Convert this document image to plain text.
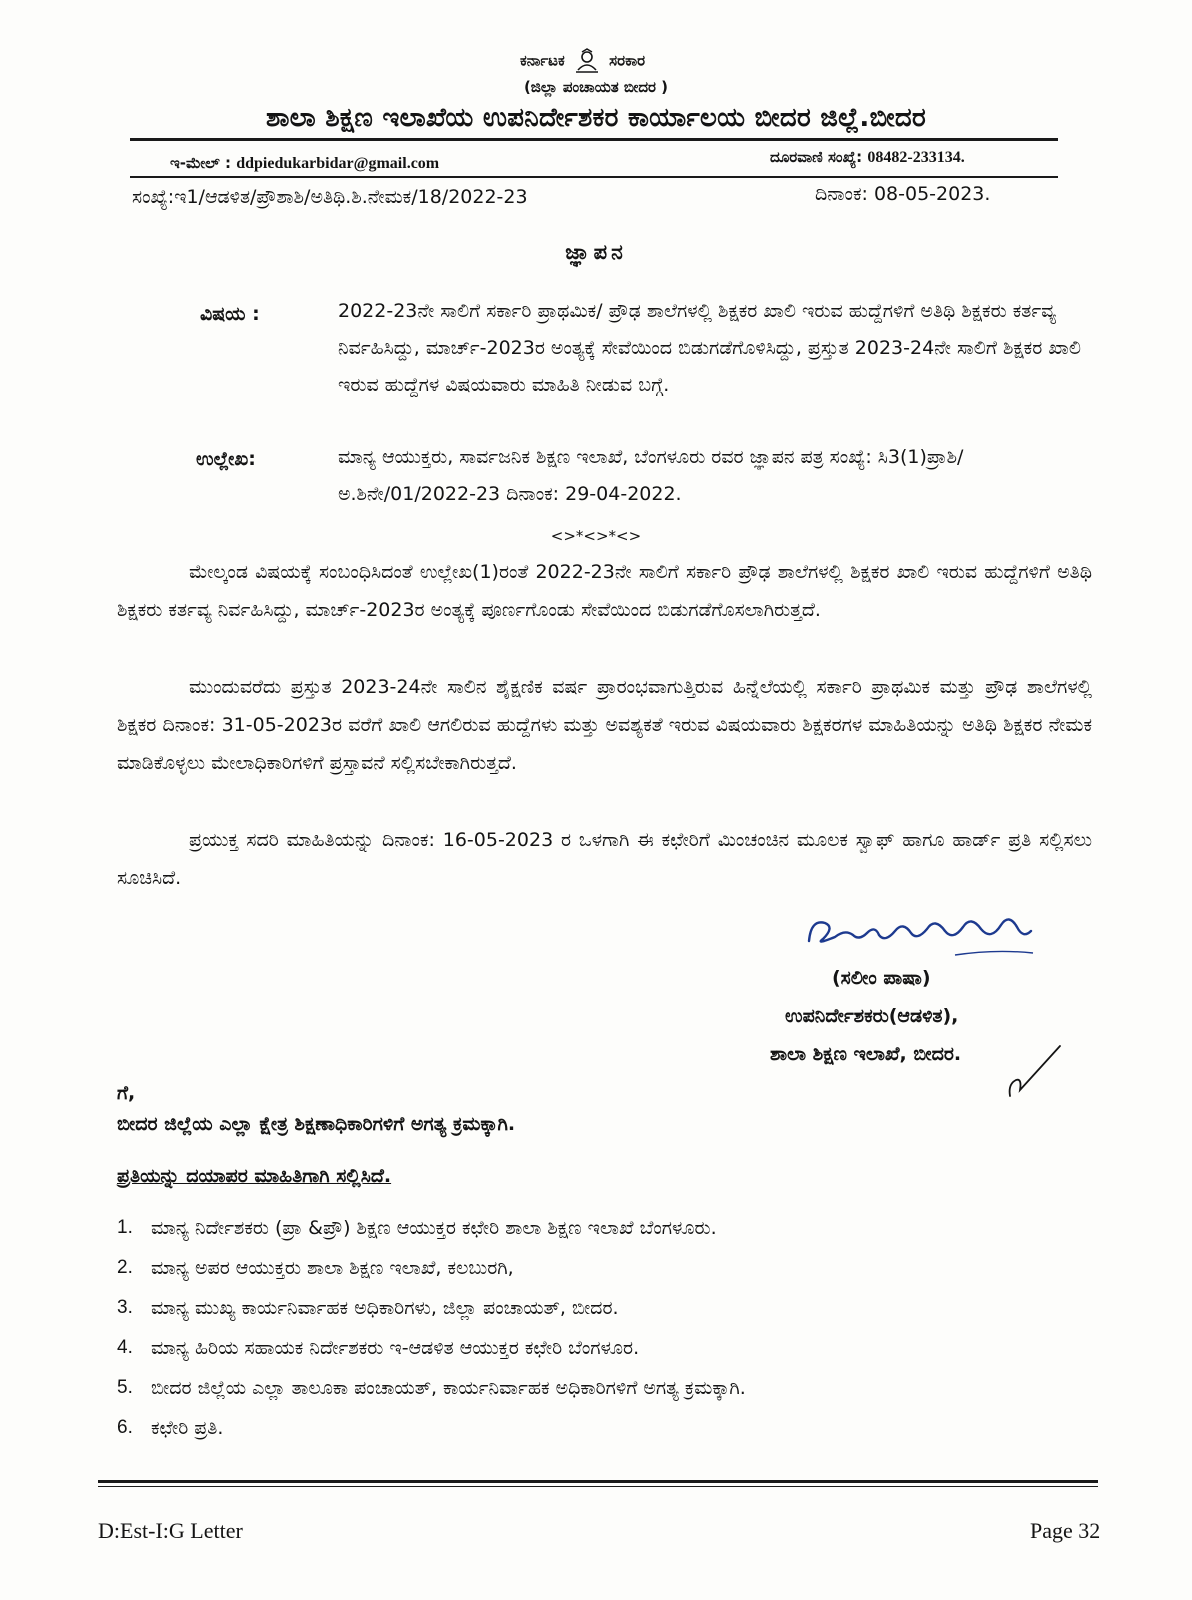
ಕರ್ನಾಟಕ	ಸರಕಾರ
(ಜಿಲ್ಲಾ ಪಂಚಾಯತ ಬೀದರ )
ಶಾಲಾ ಶಿಕ್ಷಣ ಇಲಾಖೆಯ ಉಪನಿರ್ದೇಶಕರ ಕಾರ್ಯಾಲಯ ಬೀದರ ಜಿಲ್ಲೆ.ಬೀದರ
ಇ-ಮೇಲ್ : ddpiedukarbidar@gmail.com	ದೂರವಾಣಿ ಸಂಖ್ಯೆ: 08482-233134.
ಸಂಖ್ಯೆ:ಇ1/ಆಡಳಿತ/ಪ್ರೌಶಾಶಿ/ಅತಿಥಿ.ಶಿ.ನೇಮಕ/18/2022-23	ದಿನಾಂಕ: 08-05-2023.
ಜ್ಞಾಪನ
ವಿಷಯ :	2022-23ನೇ ಸಾಲಿಗೆ ಸರ್ಕಾರಿ ಪ್ರಾಥಮಿಕ/ ಪ್ರೌಢ ಶಾಲೆಗಳಲ್ಲಿ ಶಿಕ್ಷಕರ ಖಾಲಿ ಇರುವ ಹುದ್ದೆಗಳಿಗೆ ಅತಿಥಿ ಶಿಕ್ಷಕರು ಕರ್ತವ್ಯ ನಿರ್ವಹಿಸಿದ್ದು, ಮಾರ್ಚ್-2023ರ ಅಂತ್ಯಕ್ಕೆ ಸೇವೆಯಿಂದ ಬಿಡುಗಡೆಗೊಳಿಸಿದ್ದು, ಪ್ರಸ್ತುತ 2023-24ನೇ ಸಾಲಿಗೆ ಶಿಕ್ಷಕರ ಖಾಲಿ ಇರುವ ಹುದ್ದೆಗಳ ವಿಷಯವಾರು ಮಾಹಿತಿ ನೀಡುವ ಬಗ್ಗೆ.
ಉಲ್ಲೇಖ:	ಮಾನ್ಯ ಆಯುಕ್ತರು, ಸಾರ್ವಜನಿಕ ಶಿಕ್ಷಣ ಇಲಾಖೆ, ಬೆಂಗಳೂರು ರವರ ಜ್ಞಾಪನ ಪತ್ರ ಸಂಖ್ಯೆ: ಸಿ3(1)ಪ್ರಾಶಿ/ಅ.ಶಿನೇ/01/2022-23 ದಿನಾಂಕ: 29-04-2022.
<>*<>*<>
ಮೇಲ್ಕಂಡ ವಿಷಯಕ್ಕೆ ಸಂಬಂಧಿಸಿದಂತೆ ಉಲ್ಲೇಖ(1)ರಂತೆ 2022-23ನೇ ಸಾಲಿಗೆ ಸರ್ಕಾರಿ ಪ್ರೌಢ ಶಾಲೆಗಳಲ್ಲಿ ಶಿಕ್ಷಕರ ಖಾಲಿ ಇರುವ ಹುದ್ದೆಗಳಿಗೆ ಅತಿಥಿ ಶಿಕ್ಷಕರು ಕರ್ತವ್ಯ ನಿರ್ವಹಿಸಿದ್ದು, ಮಾರ್ಚ್-2023ರ ಅಂತ್ಯಕ್ಕೆ ಪೂರ್ಣಗೊಂಡು ಸೇವೆಯಿಂದ ಬಿಡುಗಡೆಗೊಸಲಾಗಿರುತ್ತದೆ.
ಮುಂದುವರೆದು ಪ್ರಸ್ತುತ 2023-24ನೇ ಸಾಲಿನ ಶೈಕ್ಷಣಿಕ ವರ್ಷ ಪ್ರಾರಂಭವಾಗುತ್ತಿರುವ ಹಿನ್ನೆಲೆಯಲ್ಲಿ ಸರ್ಕಾರಿ ಪ್ರಾಥಮಿಕ ಮತ್ತು ಪ್ರೌಢ ಶಾಲೆಗಳಲ್ಲಿ ಶಿಕ್ಷಕರ ದಿನಾಂಕ: 31-05-2023ರ ವರೆಗೆ ಖಾಲಿ ಆಗಲಿರುವ ಹುದ್ದೆಗಳು ಮತ್ತು ಅವಶ್ಯಕತೆ ಇರುವ ವಿಷಯವಾರು ಶಿಕ್ಷಕರಗಳ ಮಾಹಿತಿಯನ್ನು ಅತಿಥಿ ಶಿಕ್ಷಕರ ನೇಮಕ ಮಾಡಿಕೊಳ್ಳಲು ಮೇಲಾಧಿಕಾರಿಗಳಿಗೆ ಪ್ರಸ್ತಾವನೆ ಸಲ್ಲಿಸಬೇಕಾಗಿರುತ್ತದೆ.
ಪ್ರಯುಕ್ತ ಸದರಿ ಮಾಹಿತಿಯನ್ನು ದಿನಾಂಕ: 16-05-2023 ರ ಒಳಗಾಗಿ ಈ ಕಛೇರಿಗೆ ಮಿಂಚಂಚಿನ ಮೂಲಕ ಸ್ವಾಫ್ ಹಾಗೂ ಹಾರ್ಡ್ ಪ್ರತಿ ಸಲ್ಲಿಸಲು ಸೂಚಿಸಿದೆ.
(ಸಲೀಂ ಪಾಷಾ)
ಉಪನಿರ್ದೇಶಕರು(ಆಡಳಿತ),
ಶಾಲಾ ಶಿಕ್ಷಣ ಇಲಾಖೆ, ಬೀದರ.
ಗೆ,
ಬೀದರ ಜಿಲ್ಲೆಯ ಎಲ್ಲಾ ಕ್ಷೇತ್ರ ಶಿಕ್ಷಣಾಧಿಕಾರಿಗಳಿಗೆ ಅಗತ್ಯ ಕ್ರಮಕ್ಕಾಗಿ.
ಪ್ರತಿಯನ್ನು ದಯಾಪರ ಮಾಹಿತಿಗಾಗಿ ಸಲ್ಲಿಸಿದೆ.
1. ಮಾನ್ಯ ನಿರ್ದೇಶಕರು (ಪ್ರಾ &ಪ್ರೌ) ಶಿಕ್ಷಣ ಆಯುಕ್ತರ ಕಛೇರಿ ಶಾಲಾ ಶಿಕ್ಷಣ ಇಲಾಖೆ ಬೆಂಗಳೂರು.
2. ಮಾನ್ಯ ಅಪರ ಆಯುಕ್ತರು ಶಾಲಾ ಶಿಕ್ಷಣ ಇಲಾಖೆ, ಕಲಬುರಗಿ,
3. ಮಾನ್ಯ ಮುಖ್ಯ ಕಾರ್ಯನಿರ್ವಾಹಕ ಅಧಿಕಾರಿಗಳು, ಜಿಲ್ಲಾ ಪಂಚಾಯತ್, ಬೀದರ.
4. ಮಾನ್ಯ ಹಿರಿಯ ಸಹಾಯಕ ನಿರ್ದೇಶಕರು ಇ-ಆಡಳಿತ ಆಯುಕ್ತರ ಕಛೇರಿ ಬೆಂಗಳೂರ.
5. ಬೀದರ ಜಿಲ್ಲೆಯ ಎಲ್ಲಾ ತಾಲೂಕಾ ಪಂಚಾಯತ್, ಕಾರ್ಯನಿರ್ವಾಹಕ ಅಧಿಕಾರಿಗಳಿಗೆ ಅಗತ್ಯ ಕ್ರಮಕ್ಕಾಗಿ.
6. ಕಛೇರಿ ಪ್ರತಿ.
D:Est-I:G Letter	Page 32
